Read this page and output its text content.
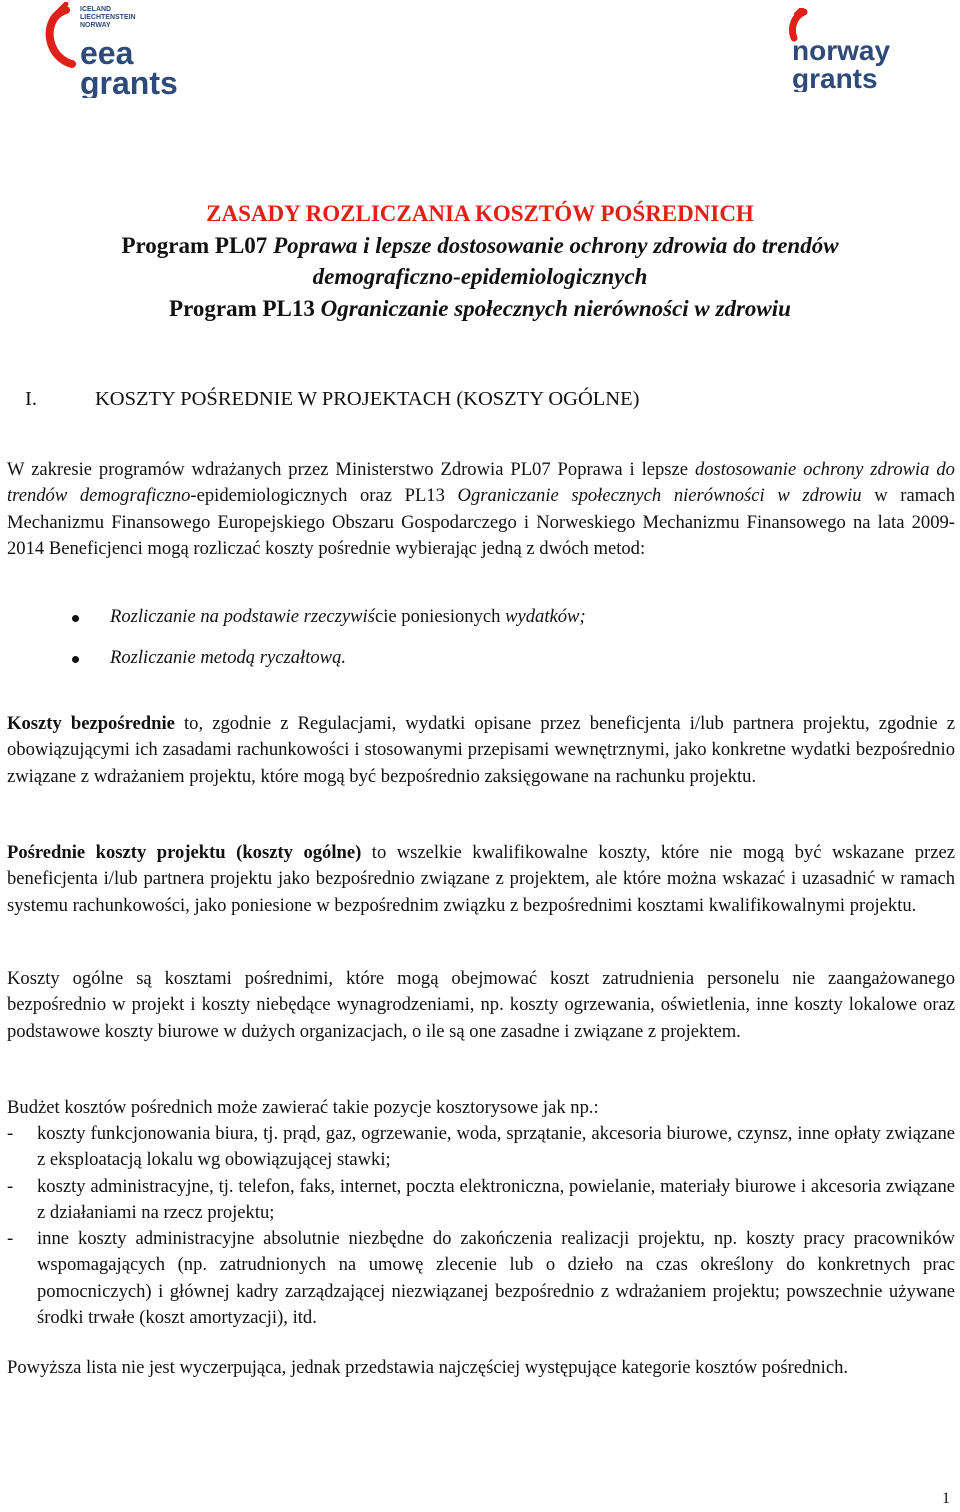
ICELAND
LIECHTENSTEIN
NORWAY
eea
grants
norway
grants
ZASADY ROZLICZANIA KOSZTÓW POŚREDNICH
Program PL07 Poprawa i lepsze dostosowanie ochrony zdrowia do trendów
demograficzno-epidemiologicznych
Program PL13 Ograniczanie społecznych nierówności w zdrowiu
I.	KOSZTY POŚREDNIE W PROJEKTACH (KOSZTY OGÓLNE)

W zakresie programów wdrażanych przez Ministerstwo Zdrowia PL07 Poprawa i lepsze dostosowanie ochrony zdrowia do trendów demograficzno-epidemiologicznych oraz PL13 Ograniczanie społecznych nierówności w zdrowiu w ramach Mechanizmu Finansowego Europejskiego Obszaru Gospodarczego i Norweskiego Mechanizmu Finansowego na lata 2009-2014 Beneficjenci mogą rozliczać koszty pośrednie wybierając jedną z dwóch metod:

Rozliczanie na podstawie rzeczywiście poniesionych wydatków;
Rozliczanie metodą ryczałtową.

Koszty bezpośrednie to, zgodnie z Regulacjami, wydatki opisane przez beneficjenta i/lub partnera projektu, zgodnie z obowiązującymi ich zasadami rachunkowości i stosowanymi przepisami wewnętrznymi, jako konkretne wydatki bezpośrednio związane z wdrażaniem projektu, które mogą być bezpośrednio zaksięgowane na rachunku projektu.

Pośrednie koszty projektu (koszty ogólne) to wszelkie kwalifikowalne koszty, które nie mogą być wskazane przez beneficjenta i/lub partnera projektu jako bezpośrednio związane z projektem, ale które można wskazać i uzasadnić w ramach systemu rachunkowości, jako poniesione w bezpośrednim związku z bezpośrednimi kosztami kwalifikowalnymi projektu.

Koszty ogólne są kosztami pośrednimi, które mogą obejmować koszt zatrudnienia personelu nie zaangażowanego bezpośrednio w projekt i koszty niebędące wynagrodzeniami, np. koszty ogrzewania, oświetlenia, inne koszty lokalowe oraz podstawowe koszty biurowe w dużych organizacjach, o ile są one zasadne i związane z projektem.

Budżet kosztów pośrednich może zawierać takie pozycje kosztorysowe jak np.:

- koszty funkcjonowania biura, tj. prąd, gaz, ogrzewanie, woda, sprzątanie, akcesoria biurowe, czynsz, inne opłaty związane z eksploatacją lokalu wg obowiązującej stawki;
- koszty administracyjne, tj. telefon, faks, internet, poczta elektroniczna, powielanie, materiały biurowe i akcesoria związane z działaniami na rzecz projektu;
- inne koszty administracyjne absolutnie niezbędne do zakończenia realizacji projektu, np. koszty pracy pracowników wspomagających (np. zatrudnionych na umowę zlecenie lub o dzieło na czas określony do konkretnych prac pomocniczych) i głównej kadry zarządzającej niezwiązanej bezpośrednio z wdrażaniem projektu; powszechnie używane środki trwałe (koszt amortyzacji), itd.

Powyższa lista nie jest wyczerpująca, jednak przedstawia najczęściej występujące kategorie kosztów pośrednich.

1
